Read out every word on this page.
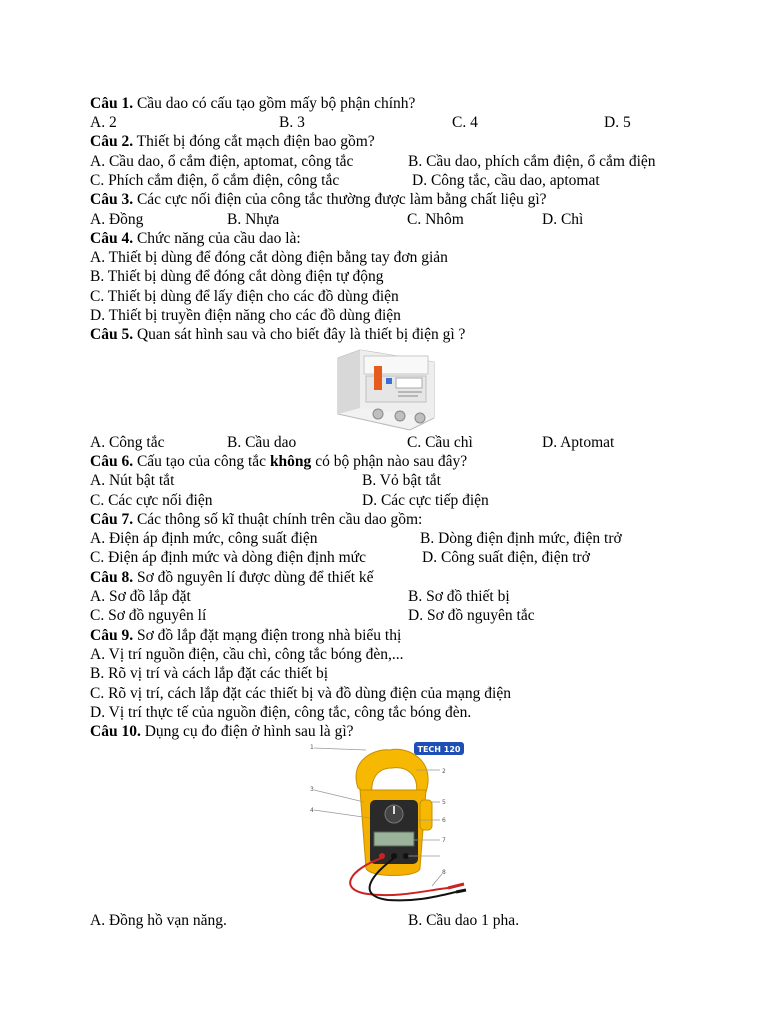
Câu 1. Cầu dao có cấu tạo gồm mấy bộ phận chính?
A. 2	B. 3	C. 4	D. 5
Câu 2. Thiết bị đóng cắt mạch điện bao gồm?
A. Cầu dao, ổ cắm điện, aptomat, công tắc	B. Cầu dao, phích cắm điện, ổ cắm điện
C. Phích cắm điện, ổ cắm điện, công tắc	D. Công tắc, cầu dao, aptomat
Câu 3. Các cực nối điện của công tắc thường được làm bằng chất liệu gì?
A. Đồng	B. Nhựa	C. Nhôm	D. Chì
Câu 4. Chức năng của cầu dao là:
A. Thiết bị dùng để đóng cắt dòng điện bằng tay đơn giản
B. Thiết bị dùng để đóng cắt dòng điện tự động
C. Thiết bị dùng để lấy điện cho các đồ dùng điện
D. Thiết bị truyền điện năng cho các đồ dùng điện
Câu 5. Quan sát hình sau và cho biết đây là thiết bị điện gì ?
A. Công tắc	B. Cầu dao	C. Cầu chì	D. Aptomat
Câu 6. Cấu tạo của công tắc không có bộ phận nào sau đây?
A. Nút bật tắt	B. Vỏ bật tắt
C. Các cực nối điện	D. Các cực tiếp điện
Câu 7. Các thông số kĩ thuật chính trên cầu dao gồm:
A. Điện áp định mức, công suất điện	B. Dòng điện định mức, điện trở
C. Điện áp định mức và dòng điện định mức	D. Công suất điện, điện trở
Câu 8. Sơ đồ nguyên lí được dùng để thiết kế
A. Sơ đồ lắp đặt	B. Sơ đồ thiết bị
C. Sơ đồ nguyên lí	D. Sơ đồ nguyên tắc
Câu 9. Sơ đồ lắp đặt mạng điện trong nhà biểu thị
A. Vị trí nguồn điện, cầu chì, công tắc bóng đèn,...
B. Rõ vị trí và cách lắp đặt các thiết bị
C. Rõ vị trí, cách lắp đặt các thiết bị và đồ dùng điện của mạng điện
D. Vị trí thực tế của nguồn điện, công tắc, công tắc bóng đèn.
Câu 10. Dụng cụ đo điện ở hình sau là gì?
TECH 120
1
2
3
4
5
6
7
8
A. Đồng hồ vạn năng.	B. Cầu dao 1 pha.
